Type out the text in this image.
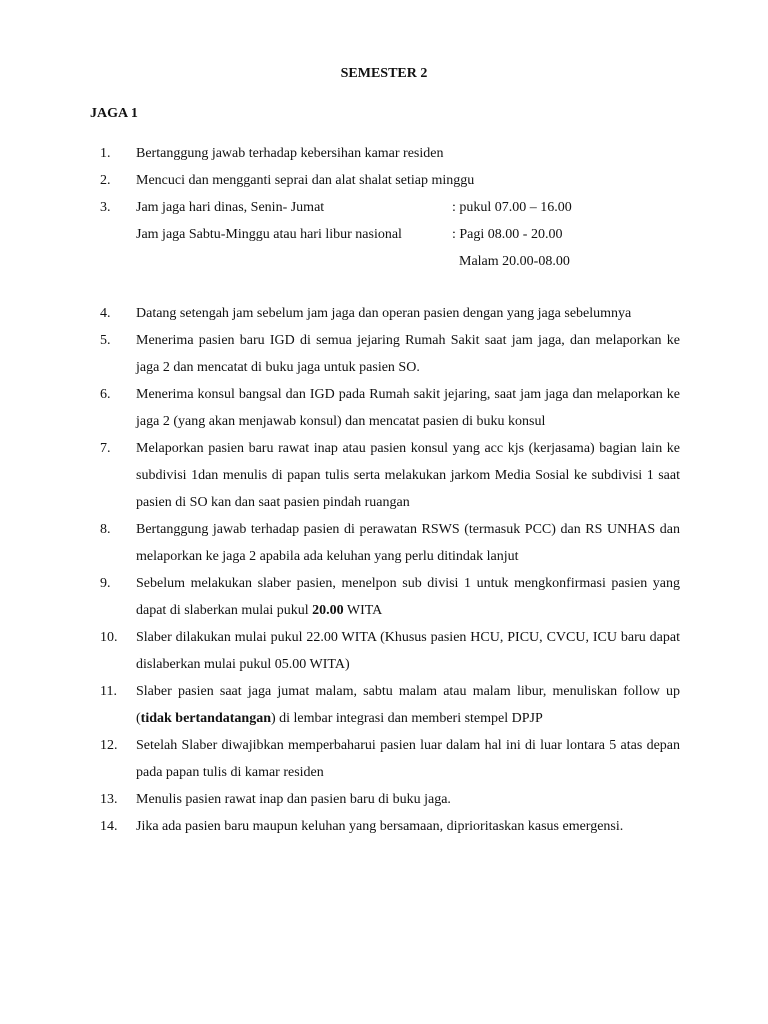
SEMESTER 2
JAGA 1
1.	Bertanggung jawab terhadap kebersihan kamar residen
2.	Mencuci dan mengganti seprai dan alat shalat setiap minggu
3.	Jam jaga hari dinas, Senin- Jumat	: pukul 07.00 – 16.00
Jam jaga Sabtu-Minggu atau hari libur nasional	: Pagi 08.00 - 20.00
Malam 20.00-08.00
4.	Datang setengah jam sebelum jam jaga dan operan pasien dengan yang jaga sebelumnya
5.	Menerima pasien baru IGD di semua jejaring Rumah Sakit saat jam jaga, dan melaporkan ke jaga 2 dan mencatat di buku jaga untuk pasien SO.
6.	Menerima konsul bangsal dan IGD pada Rumah sakit jejaring, saat jam jaga dan melaporkan ke jaga 2 (yang akan menjawab konsul) dan mencatat pasien di buku konsul
7.	Melaporkan pasien baru rawat inap atau pasien konsul yang acc kjs (kerjasama) bagian lain ke subdivisi 1dan menulis di papan tulis serta melakukan jarkom Media Sosial ke subdivisi 1 saat pasien di SO kan dan saat pasien pindah ruangan
8.	Bertanggung jawab terhadap pasien di perawatan RSWS (termasuk PCC) dan RS UNHAS dan melaporkan ke jaga 2 apabila ada keluhan yang perlu ditindak lanjut
9.	Sebelum melakukan slaber pasien, menelpon sub divisi 1 untuk mengkonfirmasi pasien yang dapat di slaberkan mulai pukul 20.00 WITA
10.	Slaber dilakukan mulai pukul 22.00 WITA (Khusus pasien HCU, PICU, CVCU, ICU baru dapat dislaberkan mulai pukul 05.00 WITA)
11.	Slaber pasien saat jaga jumat malam, sabtu malam atau malam libur, menuliskan follow up (tidak bertandatangan) di lembar integrasi dan memberi stempel DPJP
12.	Setelah Slaber diwajibkan memperbaharui pasien luar dalam hal ini di luar lontara 5 atas depan pada papan tulis di kamar residen
13.	Menulis pasien rawat inap dan pasien baru di buku jaga.
14.	Jika ada pasien baru maupun keluhan yang bersamaan, diprioritaskan kasus emergensi.
